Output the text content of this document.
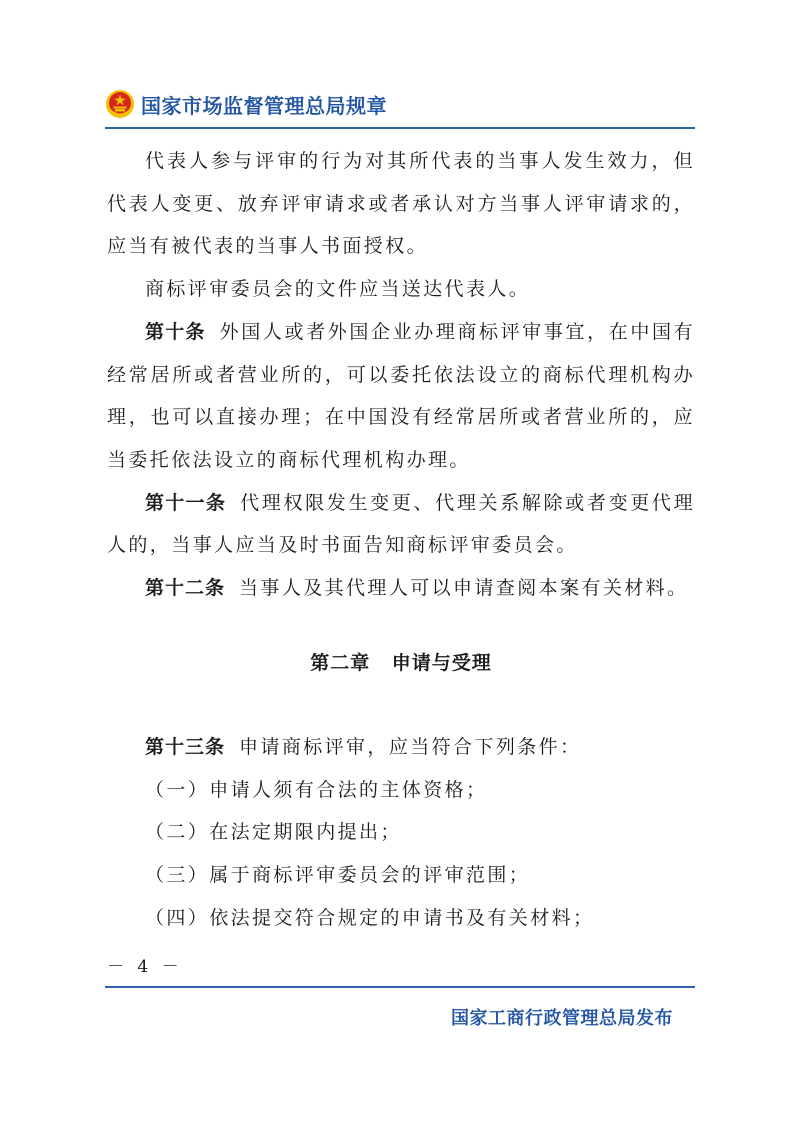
国家市场监督管理总局规章

代表人参与评审的行为对其所代表的当事人发生效力，但代表人变更、放弃评审请求或者承认对方当事人评审请求的，应当有被代表的当事人书面授权。

商标评审委员会的文件应当送达代表人。

第十条 外国人或者外国企业办理商标评审事宜，在中国有经常居所或者营业所的，可以委托依法设立的商标代理机构办理，也可以直接办理；在中国没有经常居所或者营业所的，应当委托依法设立的商标代理机构办理。

第十一条 代理权限发生变更、代理关系解除或者变更代理人的，当事人应当及时书面告知商标评审委员会。

第十二条 当事人及其代理人可以申请查阅本案有关材料。

第二章 申请与受理

第十三条 申请商标评审，应当符合下列条件：

（一）申请人须有合法的主体资格；

（二）在法定期限内提出；

（三）属于商标评审委员会的评审范围；

（四）依法提交符合规定的申请书及有关材料；

－ 4 －
国家工商行政管理总局发布
